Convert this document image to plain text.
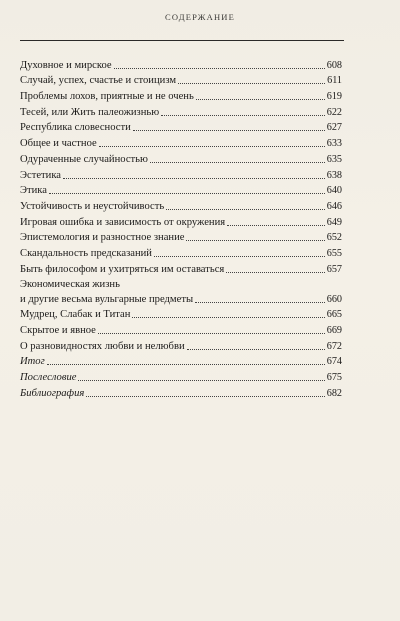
СОДЕРЖАНИЕ
Духовное и мирское	608
Случай, успех, счастье и стоицизм	611
Проблемы лохов, приятные и не очень	619
Тесей, или Жить палеожизнью	622
Республика словесности	627
Общее и частное	633
Одураченные случайностью	635
Эстетика	638
Этика	640
Устойчивость и неустойчивость	646
Игровая ошибка и зависимость от окружения	649
Эпистемология и разностное знание	652
Скандальность предсказаний	655
Быть философом и ухитряться им оставаться	657
Экономическая жизнь
и другие весьма вульгарные предметы	660
Мудрец, Слабак и Титан	665
Скрытое и явное	669
О разновидностях любви и нелюбви	672
Итог	674
Послесловие	675
Библиография	682
